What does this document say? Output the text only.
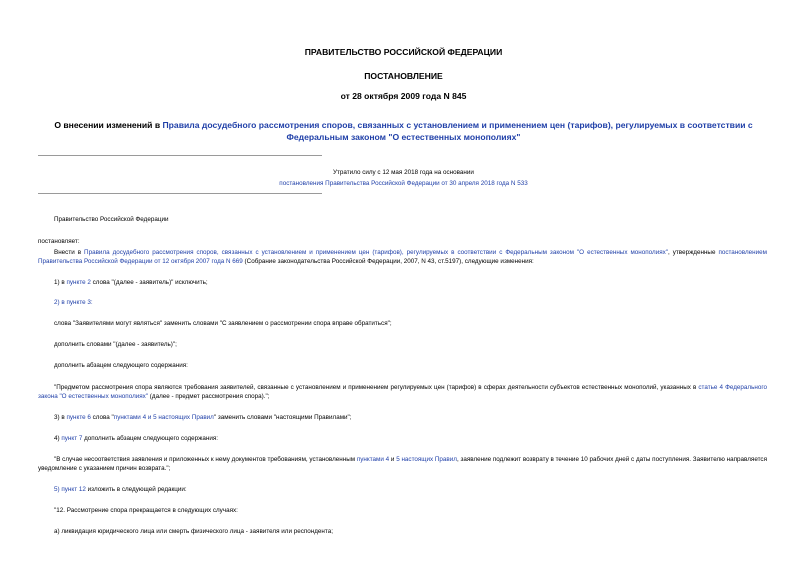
ПРАВИТЕЛЬСТВО РОССИЙСКОЙ ФЕДЕРАЦИИ
ПОСТАНОВЛЕНИЕ
от 28 октября 2009 года N 845
О внесении изменений в Правила досудебного рассмотрения споров, связанных с установлением и применением цен (тарифов), регулируемых в соответствии с Федеральным законом "О естественных монополиях"
Утратило силу с 12 мая 2018 года на основании
постановления Правительства Российской Федерации от 30 апреля 2018 года N 533
Правительство Российской Федерации
постановляет:
Внести в Правила досудебного рассмотрения споров, связанных с установлением и применением цен (тарифов), регулируемых в соответствии с Федеральным законом "О естественных монополиях", утвержденные постановлением Правительства Российской Федерации от 12 октября 2007 года N 669 (Собрание законодательства Российской Федерации, 2007, N 43, ст.5197), следующие изменения:
1) в пункте 2 слова "(далее - заявитель)" исключить;
2) в пункте 3:
слова "Заявителями могут являться" заменить словами "С заявлением о рассмотрении спора вправе обратиться";
дополнить словами "(далее - заявитель)";
дополнить абзацем следующего содержания:
"Предметом рассмотрения спора являются требования заявителей, связанные с установлением и применением регулируемых цен (тарифов) в сферах деятельности субъектов естественных монополий, указанных в статье 4 Федерального закона "О естественных монополиях" (далее - предмет рассмотрения спора).";
3) в пункте 6 слова "пунктами 4 и 5 настоящих Правил" заменить словами "настоящими Правилами";
4) пункт 7 дополнить абзацем следующего содержания:
"В случае несоответствия заявления и приложенных к нему документов требованиям, установленным пунктами 4 и 5 настоящих Правил, заявление подлежит возврату в течение 10 рабочих дней с даты поступления. Заявителю направляется уведомление с указанием причин возврата.";
5) пункт 12 изложить в следующей редакции:
"12. Рассмотрение спора прекращается в следующих случаях:
а) ликвидация юридического лица или смерть физического лица - заявителя или респондента;
